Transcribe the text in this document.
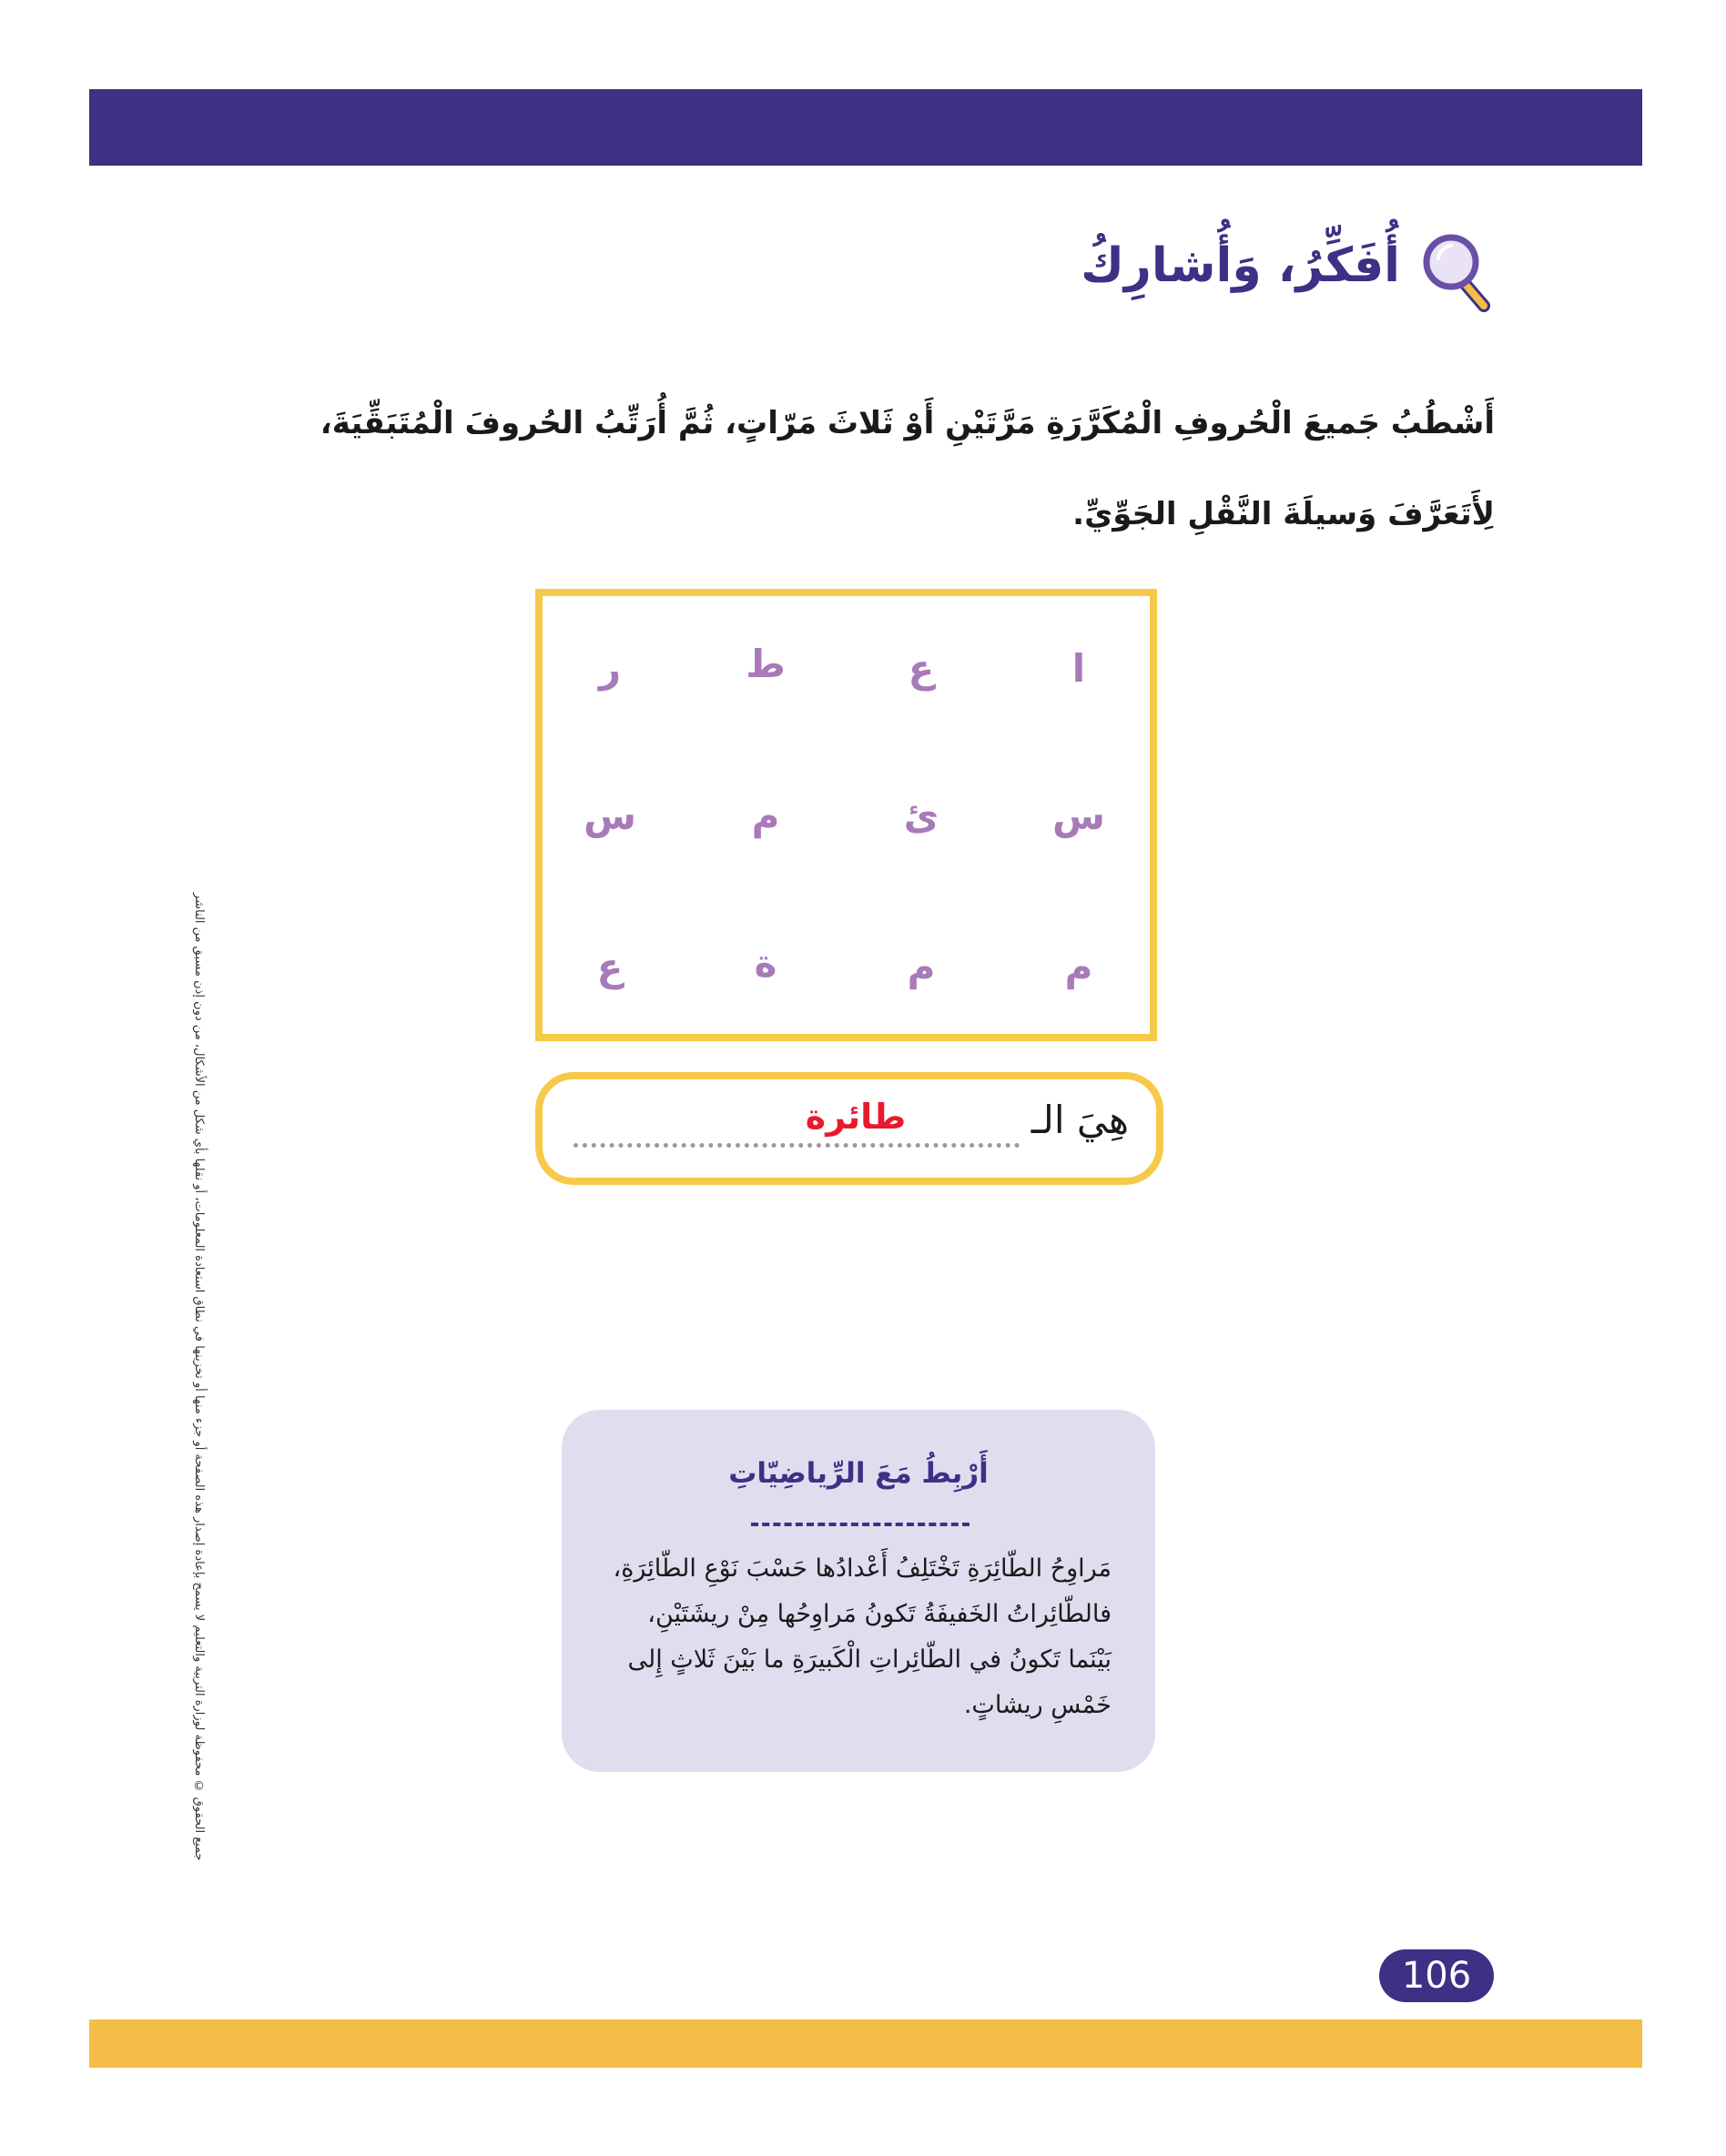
أُفَكِّرُ، وَأُشارِكُ
أَشْطُبُ جَميعَ الْحُروفِ الْمُكَرَّرَةِ مَرَّتَيْنِ أَوْ ثَلاثَ مَرّاتٍ، ثُمَّ أُرَتِّبُ الحُروفَ الْمُتَبَقِّيَةَ، لِأَتَعَرَّفَ وَسيلَةَ النَّقْلِ الجَوِّيِّ.
ا
ع
ط
ر
س
ئ
م
س
م
م
ة
ع
هِيَ الـ
طائرة
جميع الحقوق © محفوظة لوزارة التربية والتعليم لا يسمح بإعادة إصدار هذه الصفحة أو جزء منها أو تخزينها في نطاق استعادة المعلومات، أو نقلها بأي شكل من الأشكال، من دون إذن مسبق من الناشر	أَرْبِطُ مَعَ الرِّياضِيّاتِ
مَراوِحُ الطّائِرَةِ تَخْتَلِفُ أَعْدادُها حَسْبَ نَوْعِ الطّائِرَةِ، فالطّائِراتُ الخَفيفَةُ تَكونُ مَراوِحُها مِنْ ريشَتَيْنِ، بَيْنَما تَكونُ في الطّائِراتِ الْكَبيرَةِ ما بَيْنَ ثَلاثٍ إِلى خَمْسِ ريشاتٍ.
106
